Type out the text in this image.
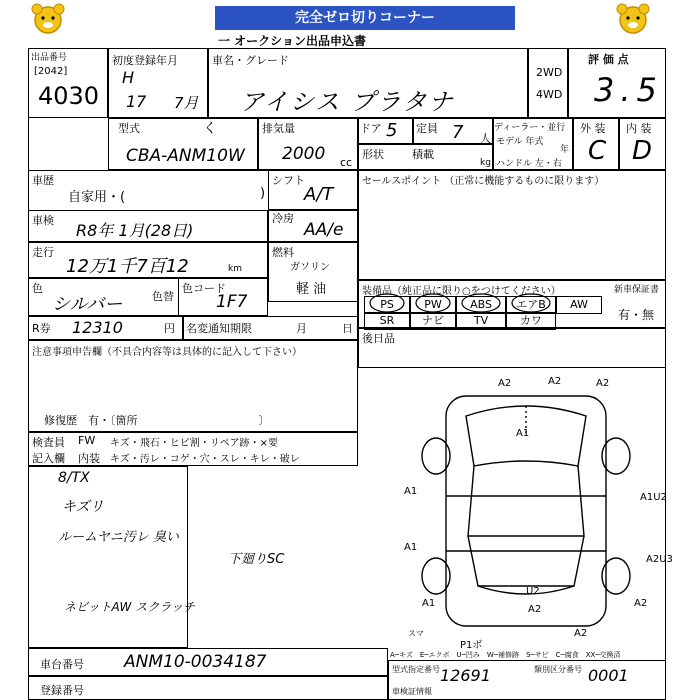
完全ゼロ切りコーナー
一 オークション出品申込書
出品番号
[2042]
4030
初度登録年月
H
17 7月
車名・グレード
アイシス プラタナ
2WD
4WD
評 価 点
3.5
型式	く
CBA-ANM10W
排気量
2000 cc
ドア 5 定員 7 人
形状	積載
kg
ディーラー・並行
モデル 年式
年
ハンドル 左・右
外 装
C
内 装
D
車歴
自家用・(	)
シフト
A/T
車検
R8年 1月(28日)
冷房
AA/e
走行
12万1千7百12	km
燃料
ガソリン
軽 油
色
シルバー	色替
色コード
1F7
R券 12310	円 名変通知期限	月	日
セールスポイント （正常に機能するものに限ります）
装備品（純正品に限り○をつけてください）	新車保証書
PS	PW	ABS	エアB	AW
SR	ナビ	TV	カワ	有・無
後日品
注意事項申告欄（不具合内容等は具体的に記入して下さい）
修復歴　有・〔箇所　　　　　　　　　　　〕
検査員 FW キズ・飛石・ヒビ割・リペア跡・×要
記入欄 内装 キズ・汚レ・コゲ・穴・スレ・キレ・破レ
8/TX
キズリ
ルームヤニ汚レ 臭い
ネビットAW スクラッチ
下廻りSC
A2	A2	A2
A1
A1
A1U2
A1
A2U3
A1
U2
A2
A2
A2
スマ
P1ボ
車台番号 ANM10-0034187
登録番号
A─キズ　E─エクボ　U─凹み　W─補修跡　S─サビ　C─腐食　XX─交換済
型式指定番号 12691	類別区分番号 0001
車検証情報
